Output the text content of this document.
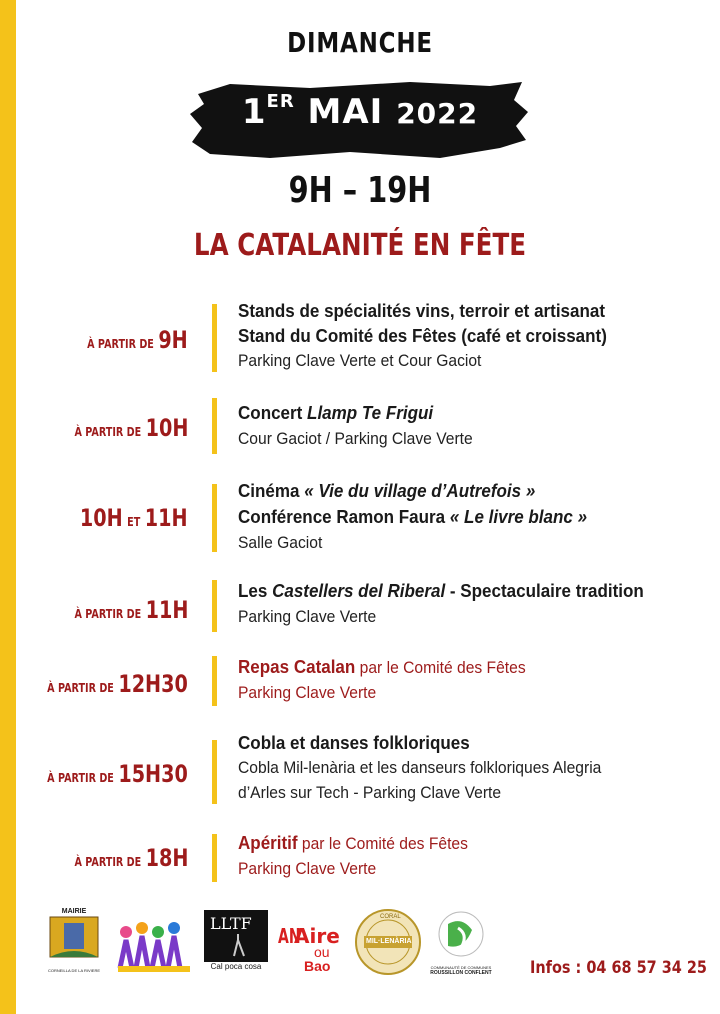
DIMANCHE
1ER MAI 2022
9H – 19H
LA CATALANITÉ EN FÊTE
À PARTIR DE 9H
Stands de spécialités vins, terroir et artisanat
Stand du Comité des Fêtes (café et croissant)
Parking Clave Verte et Cour Gaciot
À PARTIR DE 10H
Concert Llamp Te Frigui
Cour Gaciot / Parking Clave Verte
10H ET 11H
Cinéma « Vie du village d’Autrefois »
Conférence Ramon Faura « Le livre blanc »
Salle Gaciot
À PARTIR DE 11H
Les Castellers del Riberal - Spectaculaire tradition
Parking Clave Verte
À PARTIR DE 12H30
Repas Catalan par le Comité des Fêtes
Parking Clave Verte
À PARTIR DE 15H30
Cobla et danses folkloriques
Cobla Mil-lenària et les danseurs folkloriques Alegria
d’Arles sur Tech - Parking Clave Verte
À PARTIR DE 18H
Apéritif par le Comité des Fêtes
Parking Clave Verte
MAIRIE
CORNEILLA DE LA RIVIERE
LLTF
Cal poca cosa
AN
Aire
ou
Bao
MIL·LENÀRIA
CORAL
COMMUNAUTÉ DE COMMUNES
ROUSSILLON CONFLENT Infos : 04 68 57 34 25
